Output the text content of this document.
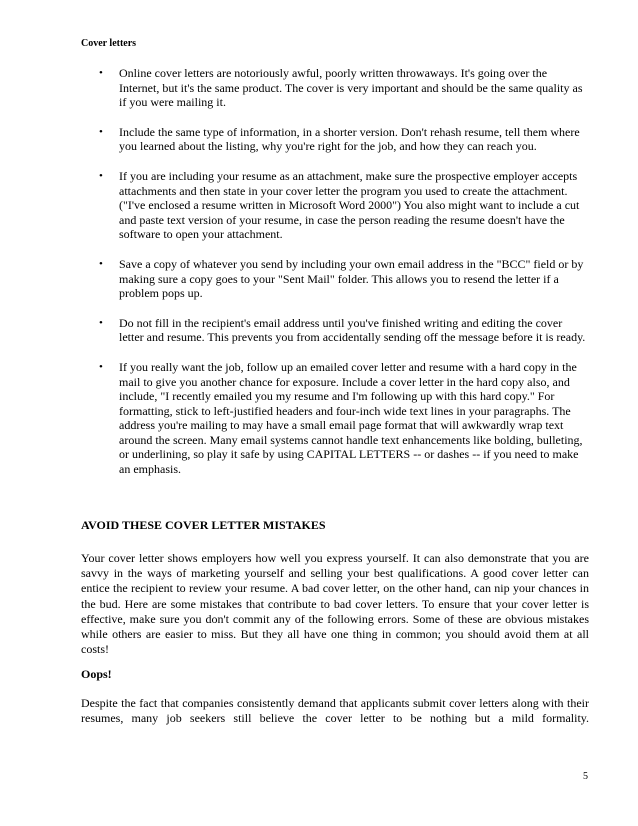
Cover letters
• Online cover letters are notoriously awful, poorly written throwaways. It's going over the Internet, but it's the same product. The cover is very important and should be the same quality as if you were mailing it.
• Include the same type of information, in a shorter version. Don't rehash resume, tell them where you learned about the listing, why you're right for the job, and how they can reach you.
• If you are including your resume as an attachment, make sure the prospective employer accepts attachments and then state in your cover letter the program you used to create the attachment. ("I've enclosed a resume written in Microsoft Word 2000") You also might want to include a cut and paste text version of your resume, in case the person reading the resume doesn't have the software to open your attachment.
• Save a copy of whatever you send by including your own email address in the "BCC" field or by making sure a copy goes to your "Sent Mail" folder. This allows you to resend the letter if a problem pops up.
• Do not fill in the recipient's email address until you've finished writing and editing the cover letter and resume. This prevents you from accidentally sending off the message before it is ready.
• If you really want the job, follow up an emailed cover letter and resume with a hard copy in the mail to give you another chance for exposure. Include a cover letter in the hard copy also, and include, "I recently emailed you my resume and I'm following up with this hard copy." For formatting, stick to left-justified headers and four-inch wide text lines in your paragraphs. The address you're mailing to may have a small email page format that will awkwardly wrap text around the screen. Many email systems cannot handle text enhancements like bolding, bulleting, or underlining, so play it safe by using CAPITAL LETTERS -- or dashes -- if you need to make an emphasis.
AVOID THESE COVER LETTER MISTAKES

Your cover letter shows employers how well you express yourself. It can also demonstrate that you are savvy in the ways of marketing yourself and selling your best qualifications. A good cover letter can entice the recipient to review your resume. A bad cover letter, on the other hand, can nip your chances in the bud. Here are some mistakes that contribute to bad cover letters. To ensure that your cover letter is effective, make sure you don't commit any of the following errors. Some of these are obvious mistakes while others are easier to miss. But they all have one thing in common; you should avoid them at all costs!

Oops!

Despite the fact that companies consistently demand that applicants submit cover letters along with their resumes, many job seekers still believe the cover letter to be nothing but a mild formality.

5
